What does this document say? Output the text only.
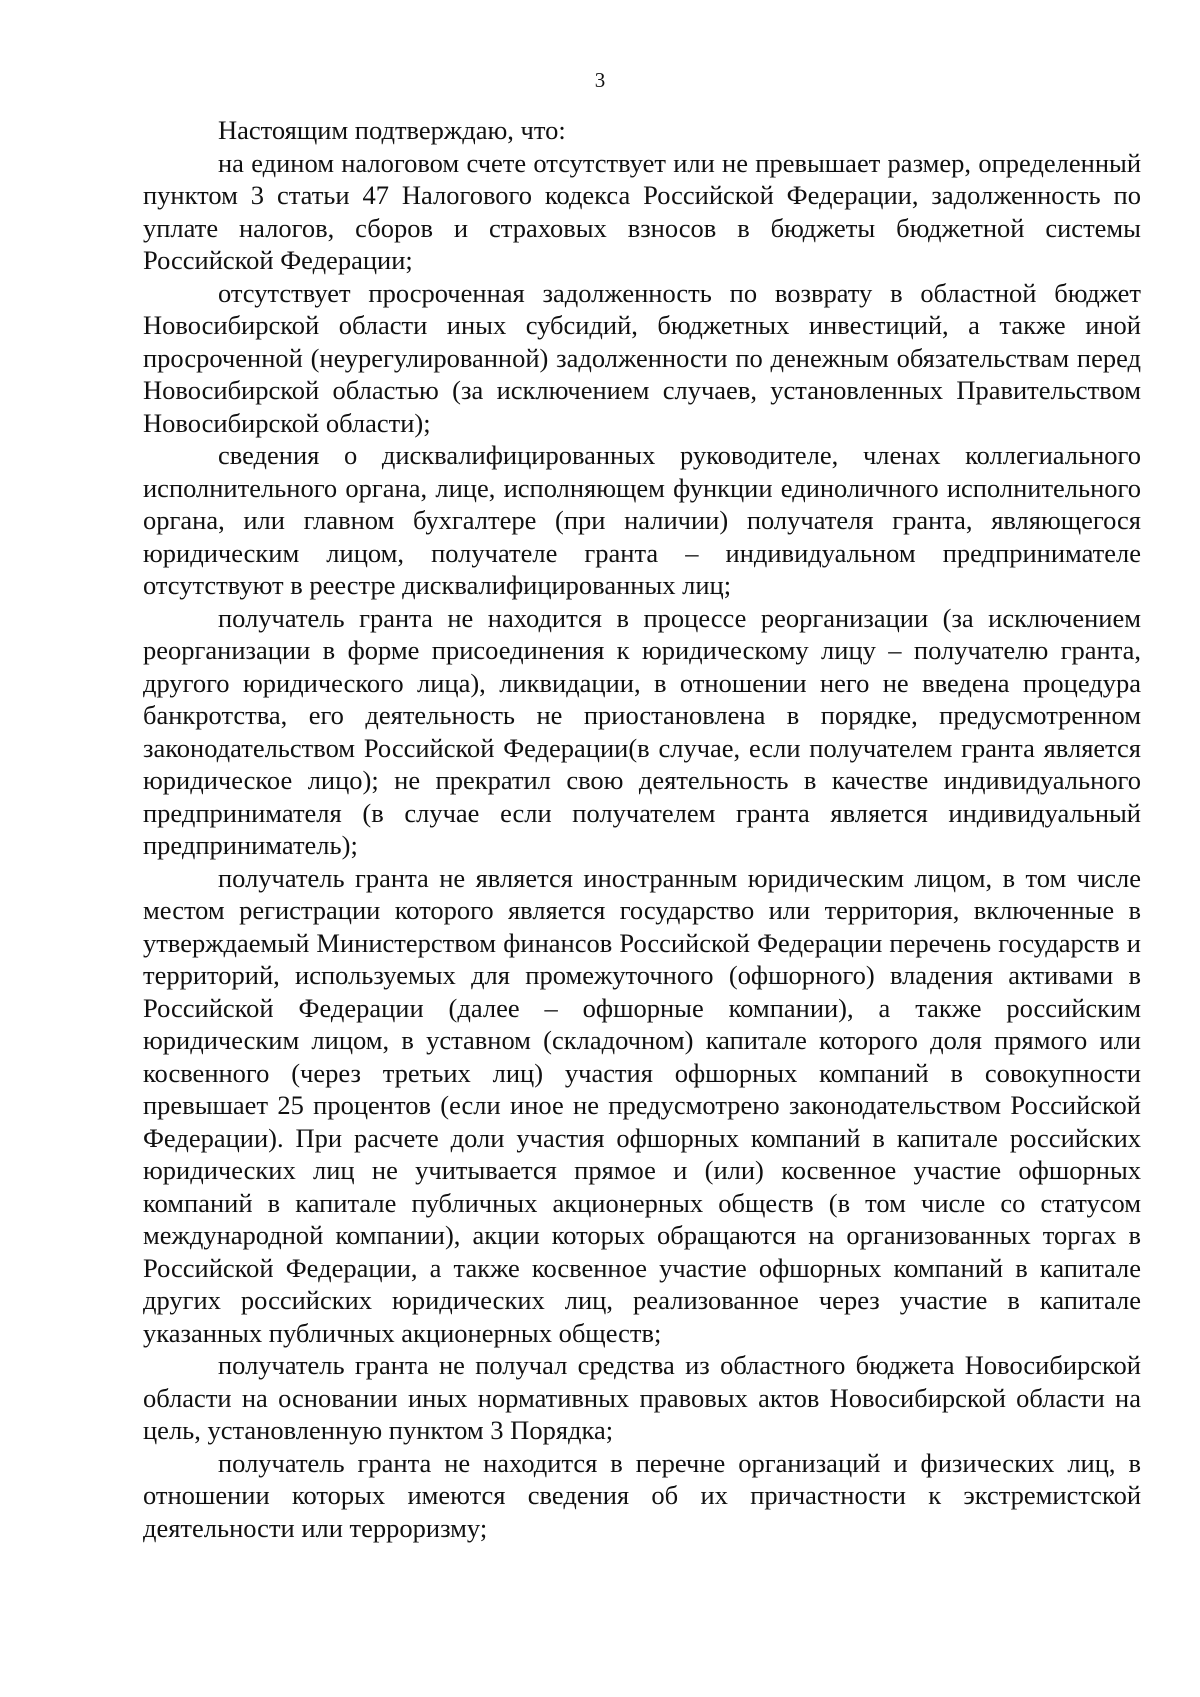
3

Настоящим подтверждаю, что:

на едином налоговом счете отсутствует или не превышает размер, определенный пунктом 3 статьи 47 Налогового кодекса Российской Федерации, задолженность по уплате налогов, сборов и страховых взносов в бюджеты бюджетной системы Российской Федерации;

отсутствует просроченная задолженность по возврату в областной бюджет Новосибирской области иных субсидий, бюджетных инвестиций, а также иной просроченной (неурегулированной) задолженности по денежным обязательствам перед Новосибирской областью (за исключением случаев, установленных Правительством Новосибирской области);

сведения о дисквалифицированных руководителе, членах коллегиального исполнительного органа, лице, исполняющем функции единоличного исполнительного органа, или главном бухгалтере (при наличии) получателя гранта, являющегося юридическим лицом, получателе гранта – индивидуальном предпринимателе отсутствуют в реестре дисквалифицированных лиц;

получатель гранта не находится в процессе реорганизации (за исключением реорганизации в форме присоединения к юридическому лицу – получателю гранта, другого юридического лица), ликвидации, в отношении него не введена процедура банкротства, его деятельность не приостановлена в порядке, предусмотренном законодательством Российской Федерации(в случае, если получателем гранта является юридическое лицо); не прекратил свою деятельность в качестве индивидуального предпринимателя (в случае если получателем гранта является индивидуальный предприниматель);

получатель гранта не является иностранным юридическим лицом, в том числе местом регистрации которого является государство или территория, включенные в утверждаемый Министерством финансов Российской Федерации перечень государств и территорий, используемых для промежуточного (офшорного) владения активами в Российской Федерации (далее – офшорные компании), а также российским юридическим лицом, в уставном (складочном) капитале которого доля прямого или косвенного (через третьих лиц) участия офшорных компаний в совокупности превышает 25 процентов (если иное не предусмотрено законодательством Российской Федерации). При расчете доли участия офшорных компаний в капитале российских юридических лиц не учитывается прямое и (или) косвенное участие офшорных компаний в капитале публичных акционерных обществ (в том числе со статусом международной компании), акции которых обращаются на организованных торгах в Российской Федерации, а также косвенное участие офшорных компаний в капитале других российских юридических лиц, реализованное через участие в капитале указанных публичных акционерных обществ;

получатель гранта не получал средства из областного бюджета Новосибирской области на основании иных нормативных правовых актов Новосибирской области на цель, установленную пунктом 3 Порядка;

получатель гранта не находится в перечне организаций и физических лиц, в отношении которых имеются сведения об их причастности к экстремистской деятельности или терроризму;
